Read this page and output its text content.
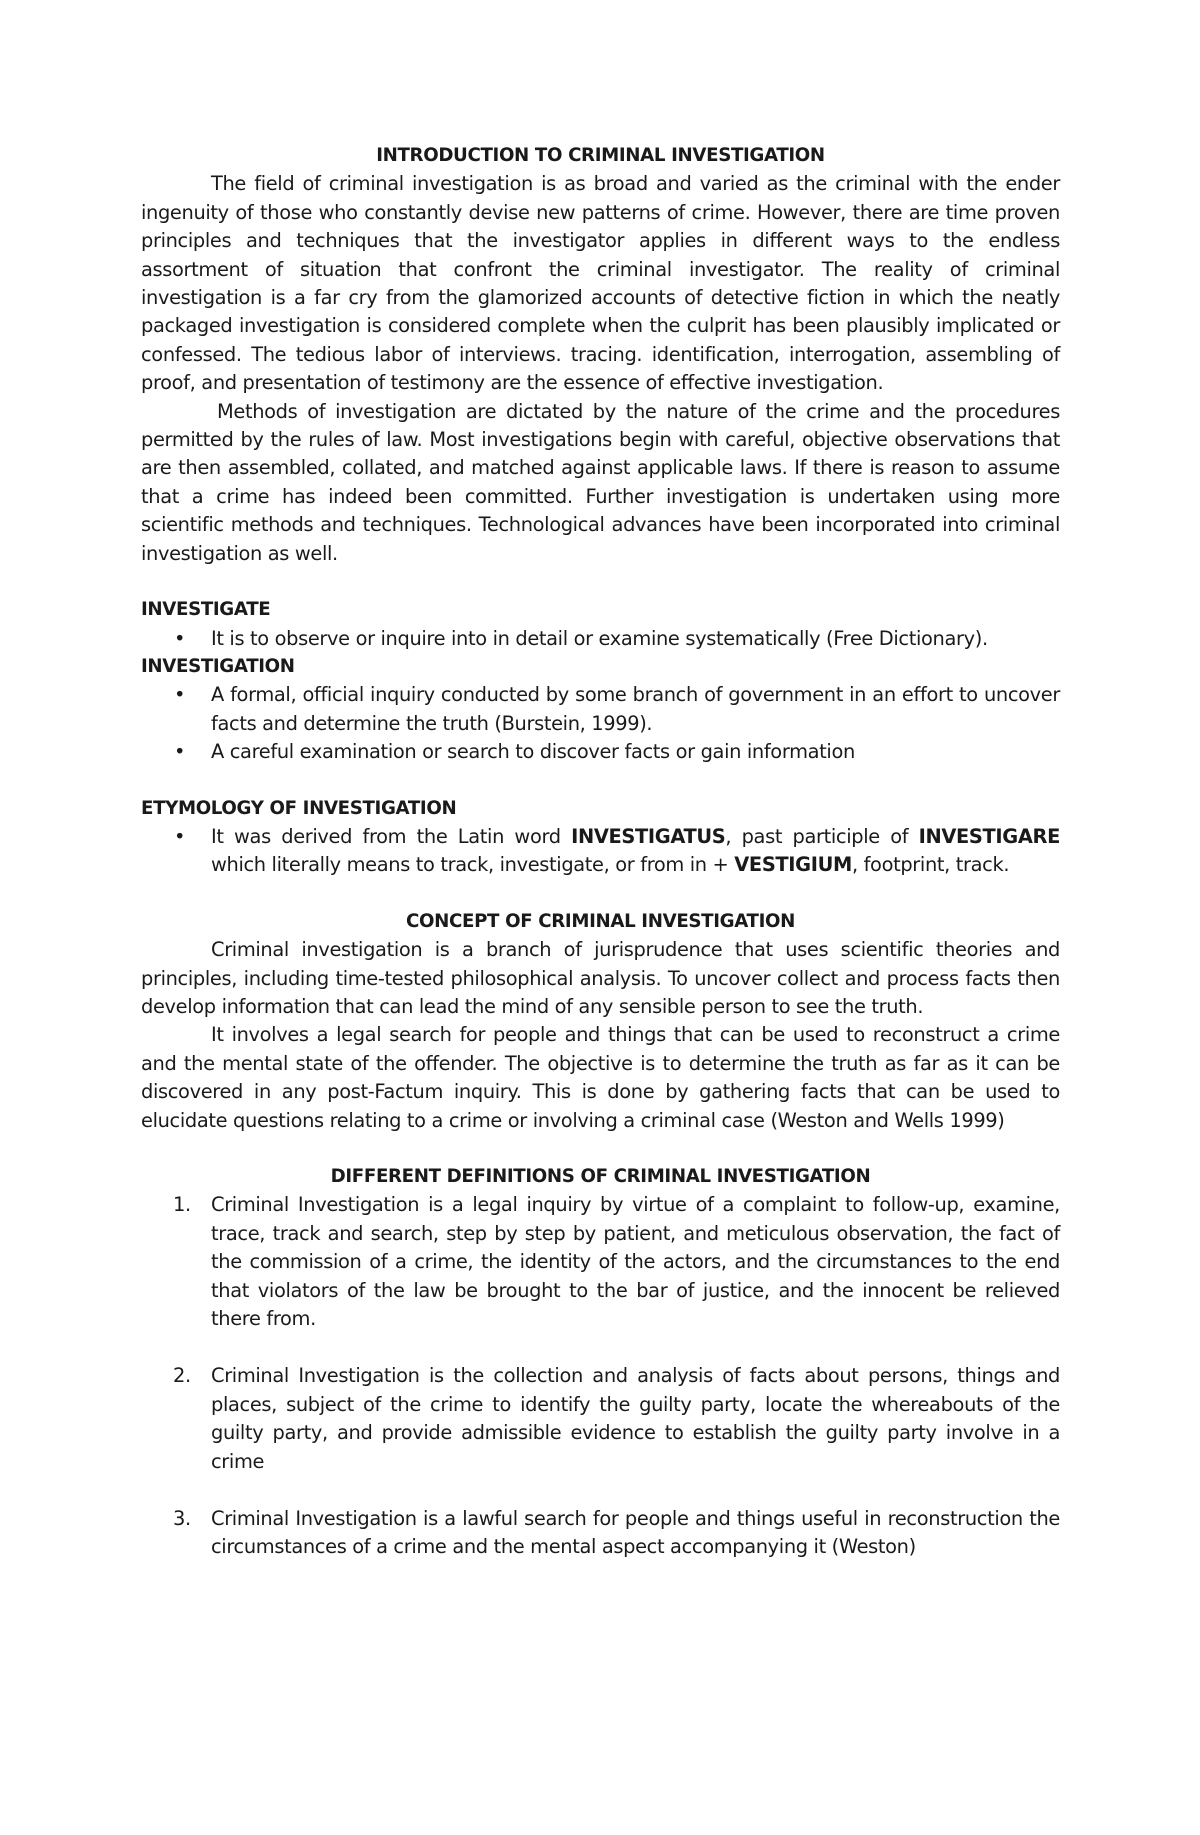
INTRODUCTION TO CRIMINAL INVESTIGATION

The field of criminal investigation is as broad and varied as the criminal with the ender ingenuity of those who constantly devise new patterns of crime. However, there are time proven principles and techniques that the investigator applies in different ways to the endless assortment of situation that confront the criminal investigator. The reality of criminal investigation is a far cry from the glamorized accounts of detective fiction in which the neatly packaged investigation is considered complete when the culprit has been plausibly implicated or confessed. The tedious labor of interviews. tracing. identification, interrogation, assembling of proof, and presentation of testimony are the essence of effective investigation.

Methods of investigation are dictated by the nature of the crime and the procedures permitted by the rules of law. Most investigations begin with careful, objective observations that are then assembled, collated, and matched against applicable laws. If there is reason to assume that a crime has indeed been committed. Further investigation is undertaken using more scientific methods and techniques. Technological advances have been incorporated into criminal investigation as well.

INVESTIGATE
• It is to observe or inquire into in detail or examine systematically (Free Dictionary).
INVESTIGATION
• A formal, official inquiry conducted by some branch of government in an effort to uncover facts and determine the truth (Burstein, 1999).
• A careful examination or search to discover facts or gain information
ETYMOLOGY OF INVESTIGATION
• It was derived from the Latin word INVESTIGATUS, past participle of INVESTIGARE which literally means to track, investigate, or from in + VESTIGIUM, footprint, track.
CONCEPT OF CRIMINAL INVESTIGATION

Criminal investigation is a branch of jurisprudence that uses scientific theories and principles, including time-tested philosophical analysis. To uncover collect and process facts then develop information that can lead the mind of any sensible person to see the truth.

It involves a legal search for people and things that can be used to reconstruct a crime and the mental state of the offender. The objective is to determine the truth as far as it can be discovered in any post-Factum inquiry. This is done by gathering facts that can be used to elucidate questions relating to a crime or involving a criminal case (Weston and Wells 1999)

DIFFERENT DEFINITIONS OF CRIMINAL INVESTIGATION
1. Criminal Investigation is a legal inquiry by virtue of a complaint to follow-up, examine, trace, track and search, step by step by patient, and meticulous observation, the fact of the commission of a crime, the identity of the actors, and the circumstances to the end that violators of the law be brought to the bar of justice, and the innocent be relieved there from.
2. Criminal Investigation is the collection and analysis of facts about persons, things and places, subject of the crime to identify the guilty party, locate the whereabouts of the guilty party, and provide admissible evidence to establish the guilty party involve in a crime
3. Criminal Investigation is a lawful search for people and things useful in reconstruction the circumstances of a crime and the mental aspect accompanying it (Weston)
